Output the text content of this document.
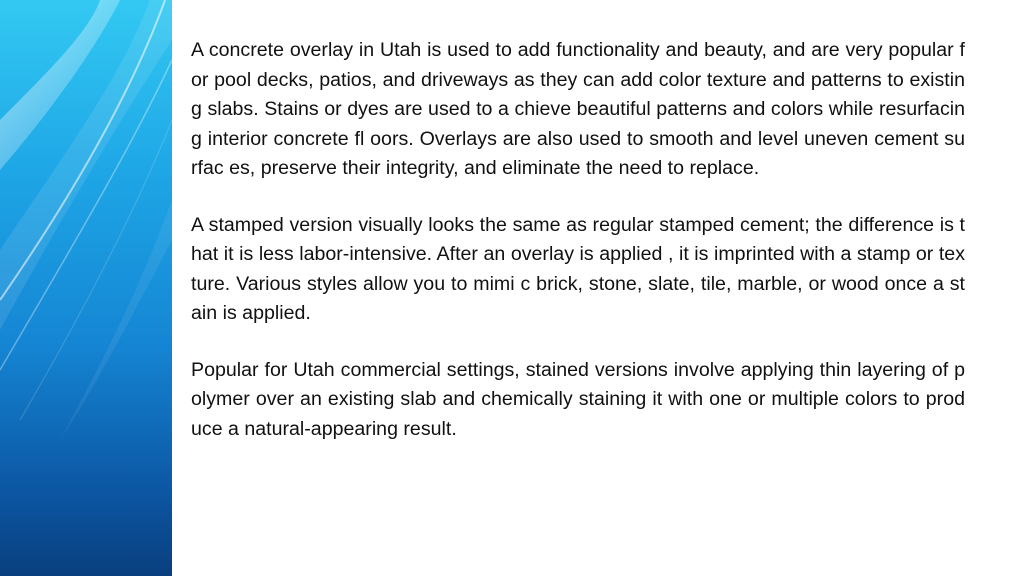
A concrete overlay in Utah is used to add functionality and beauty, and are very popular for pool decks, patios, and driveways as they can add color texture and patterns to existing slabs. Stains or dyes are used to a chieve beautiful patterns and colors while resurfacing interior concrete fl oors. Overlays are also used to smooth and level uneven cement surfac es, preserve their integrity, and eliminate the need to replace.

A stamped version visually looks the same as regular stamped cement; the difference is that it is less labor-intensive. After an overlay is applied , it is imprinted with a stamp or texture. Various styles allow you to mimi c brick, stone, slate, tile, marble, or wood once a stain is applied.

Popular for Utah commercial settings, stained versions involve applying thin layering of polymer over an existing slab and chemically staining it with one or multiple colors to produce a natural-appearing result.
